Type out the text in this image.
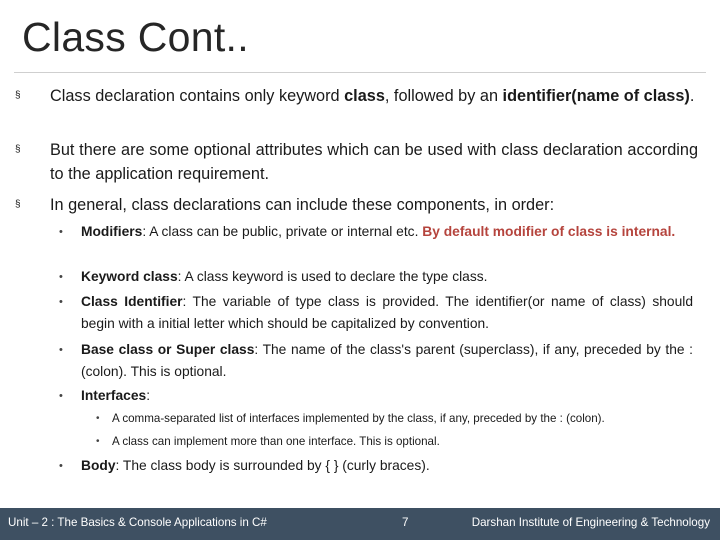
Class Cont..
§	Class declaration contains only keyword class, followed by an identifier(name of class).
§	But there are some optional attributes which can be used with class declaration according to the application requirement.
§	In general, class declarations can include these components, in order:
•	Modifiers: A class can be public, private or internal etc. By default modifier of class is internal.
•	Keyword class: A class keyword is used to declare the type class.
•	Class Identifier: The variable of type class is provided. The identifier(or name of class) should begin with a initial letter which should be capitalized by convention.
•	Base class or Super class: The name of the class's parent (superclass), if any, preceded by the : (colon). This is optional.
•	Interfaces:
•	A comma-separated list of interfaces implemented by the class, if any, preceded by the : (colon).
•	A class can implement more than one interface. This is optional.
•	Body: The class body is surrounded by { } (curly braces).
Unit – 2 : The Basics & Console Applications in C#	7	Darshan Institute of Engineering & Technology
